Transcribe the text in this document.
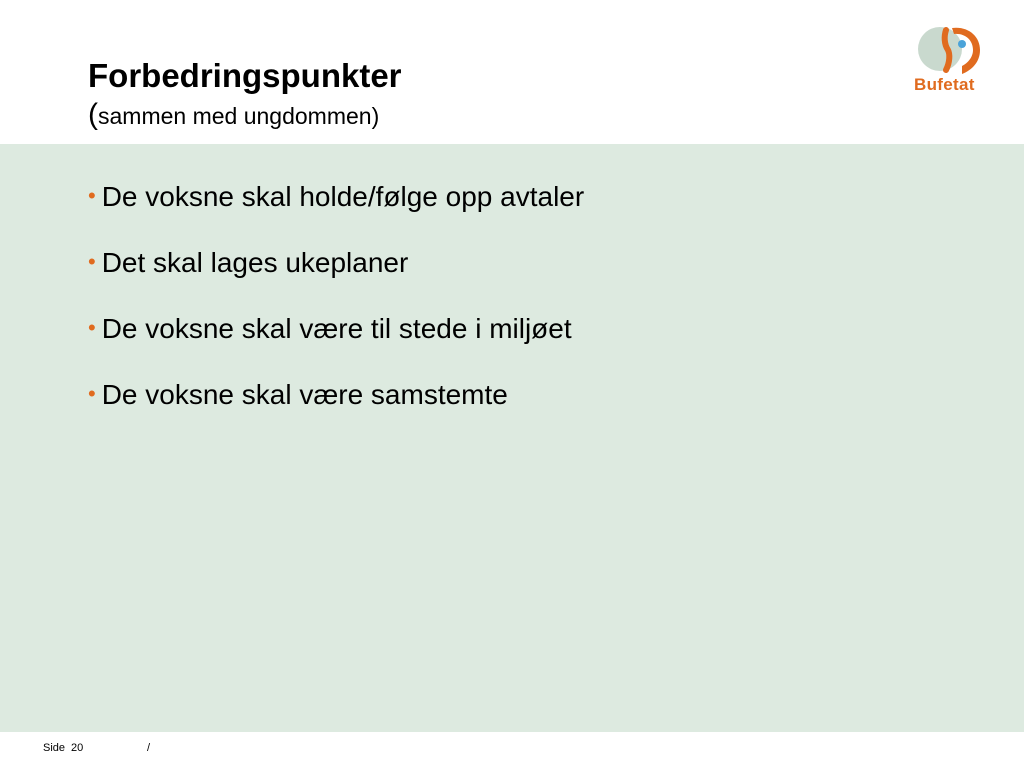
Forbedringspunkter
(sammen med ungdommen)
Bufetat
• De voksne skal holde/følge opp avtaler
• Det skal lages ukeplaner
• De voksne skal være til stede i miljøet
• De voksne skal være samstemte
Side 20	/
